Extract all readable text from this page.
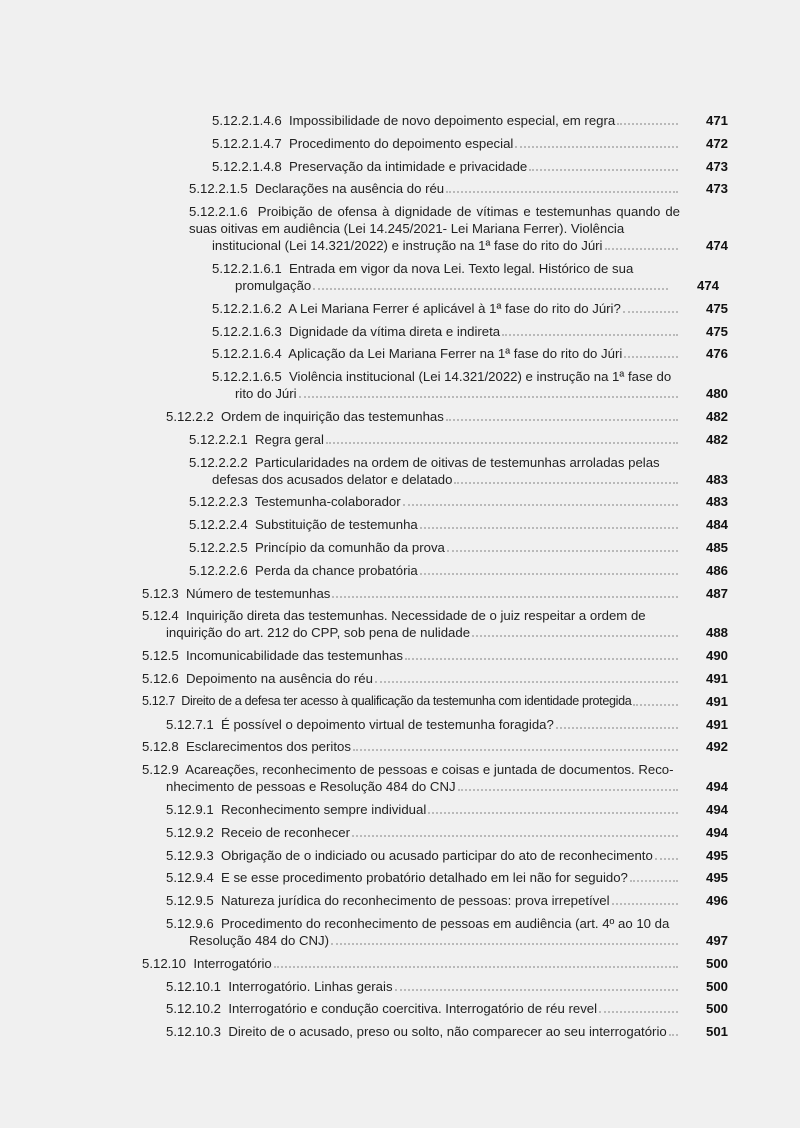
5.12.2.1.4.6 Impossibilidade de novo depoimento especial, em regra	471
5.12.2.1.4.7 Procedimento do depoimento especial	472
5.12.2.1.4.8 Preservação da intimidade e privacidade	473
5.12.2.1.5 Declarações na ausência do réu	473
5.12.2.1.6 Proibição de ofensa à dignidade de vítimas e testemunhas quando de suas oitivas em audiência (Lei 14.245/2021- Lei Mariana Ferrer). Violência
institucional (Lei 14.321/2022) e instrução na 1ª fase do rito do Júri	474
5.12.2.1.6.1 Entrada em vigor da nova Lei. Texto legal. Histórico de sua
promulgação	474
5.12.2.1.6.2 A Lei Mariana Ferrer é aplicável à 1ª fase do rito do Júri?	475
5.12.2.1.6.3 Dignidade da vítima direta e indireta	475
5.12.2.1.6.4 Aplicação da Lei Mariana Ferrer na 1ª fase do rito do Júri	476
5.12.2.1.6.5 Violência institucional (Lei 14.321/2022) e instrução na 1ª fase do
rito do Júri	480
5.12.2.2 Ordem de inquirição das testemunhas	482
5.12.2.2.1 Regra geral	482
5.12.2.2.2 Particularidades na ordem de oitivas de testemunhas arroladas pelas
defesas dos acusados delator e delatado	483
5.12.2.2.3 Testemunha-colaborador	483
5.12.2.2.4 Substituição de testemunha	484
5.12.2.2.5 Princípio da comunhão da prova	485
5.12.2.2.6 Perda da chance probatória	486
5.12.3 Número de testemunhas	487
5.12.4 Inquirição direta das testemunhas. Necessidade de o juiz respeitar a ordem de
inquirição do art. 212 do CPP, sob pena de nulidade	488
5.12.5 Incomunicabilidade das testemunhas	490
5.12.6 Depoimento na ausência do réu	491
5.12.7 Direito de a defesa ter acesso à qualificação da testemunha com identidade protegida	491
5.12.7.1 É possível o depoimento virtual de testemunha foragida?	491
5.12.8 Esclarecimentos dos peritos	492
5.12.9 Acareações, reconhecimento de pessoas e coisas e juntada de documentos. Reco-
nhecimento de pessoas e Resolução 484 do CNJ	494
5.12.9.1 Reconhecimento sempre individual	494
5.12.9.2 Receio de reconhecer	494
5.12.9.3 Obrigação de o indiciado ou acusado participar do ato de reconhecimento	495
5.12.9.4 E se esse procedimento probatório detalhado em lei não for seguido?	495
5.12.9.5 Natureza jurídica do reconhecimento de pessoas: prova irrepetível	496
5.12.9.6 Procedimento do reconhecimento de pessoas em audiência (art. 4º ao 10 da
Resolução 484 do CNJ)	497
5.12.10 Interrogatório	500
5.12.10.1 Interrogatório. Linhas gerais	500
5.12.10.2 Interrogatório e condução coercitiva. Interrogatório de réu revel	500
5.12.10.3 Direito de o acusado, preso ou solto, não comparecer ao seu interrogatório	501
